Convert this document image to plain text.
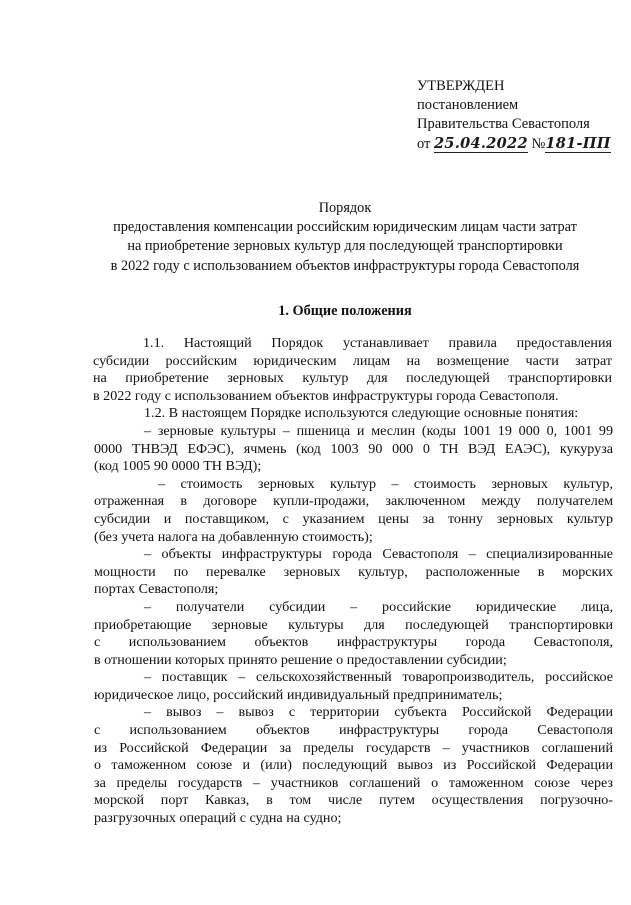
УТВЕРЖДЕН
постановлением
Правительства Севастополя
от 25.04.2022 №181-ПП
Порядок
предоставления компенсации российским юридическим лицам части затрат
на приобретение зерновых культур для последующей транспортировки
в 2022 году с использованием объектов инфраструктуры города Севастополя
1. Общие положения

1.1. Настоящий Порядок устанавливает правила предоставления
субсидии российским юридическим лицам на возмещение части затрат
на приобретение зерновых культур для последующей транспортировки
в 2022 году с использованием объектов инфраструктуры города Севастополя.

1.2. В настоящем Порядке используются следующие основные понятия:

– зерновые культуры – пшеница и меслин (коды 1001 19 000 0, 1001 99
0000 ТНВЭД ЕФЭС), ячмень (код 1003 90 000 0 ТН ВЭД ЕАЭС), кукуруза
(код 1005 90 0000 ТН ВЭД);

– стоимость зерновых культур – стоимость зерновых культур,
отраженная в договоре купли-продажи, заключенном между получателем
субсидии и поставщиком, с указанием цены за тонну зерновых культур
(без учета налога на добавленную стоимость);

– объекты инфраструктуры города Севастополя – специализированные
мощности по перевалке зерновых культур, расположенные в морских
портах Севастополя;

– получатели субсидии – российские юридические лица,
приобретающие зерновые культуры для последующей транспортировки
с использованием объектов инфраструктуры города Севастополя,
в отношении которых принято решение о предоставлении субсидии;

– поставщик – сельскохозяйственный товаропроизводитель, российское
юридическое лицо, российский индивидуальный предприниматель;

– вывоз – вывоз с территории субъекта Российской Федерации
с использованием объектов инфраструктуры города Севастополя
из Российской Федерации за пределы государств – участников соглашений
о таможенном союзе и (или) последующий вывоз из Российской Федерации
за пределы государств – участников соглашений о таможенном союзе через
морской порт Кавказ, в том числе путем осуществления погрузочно-
разгрузочных операций с судна на судно;
